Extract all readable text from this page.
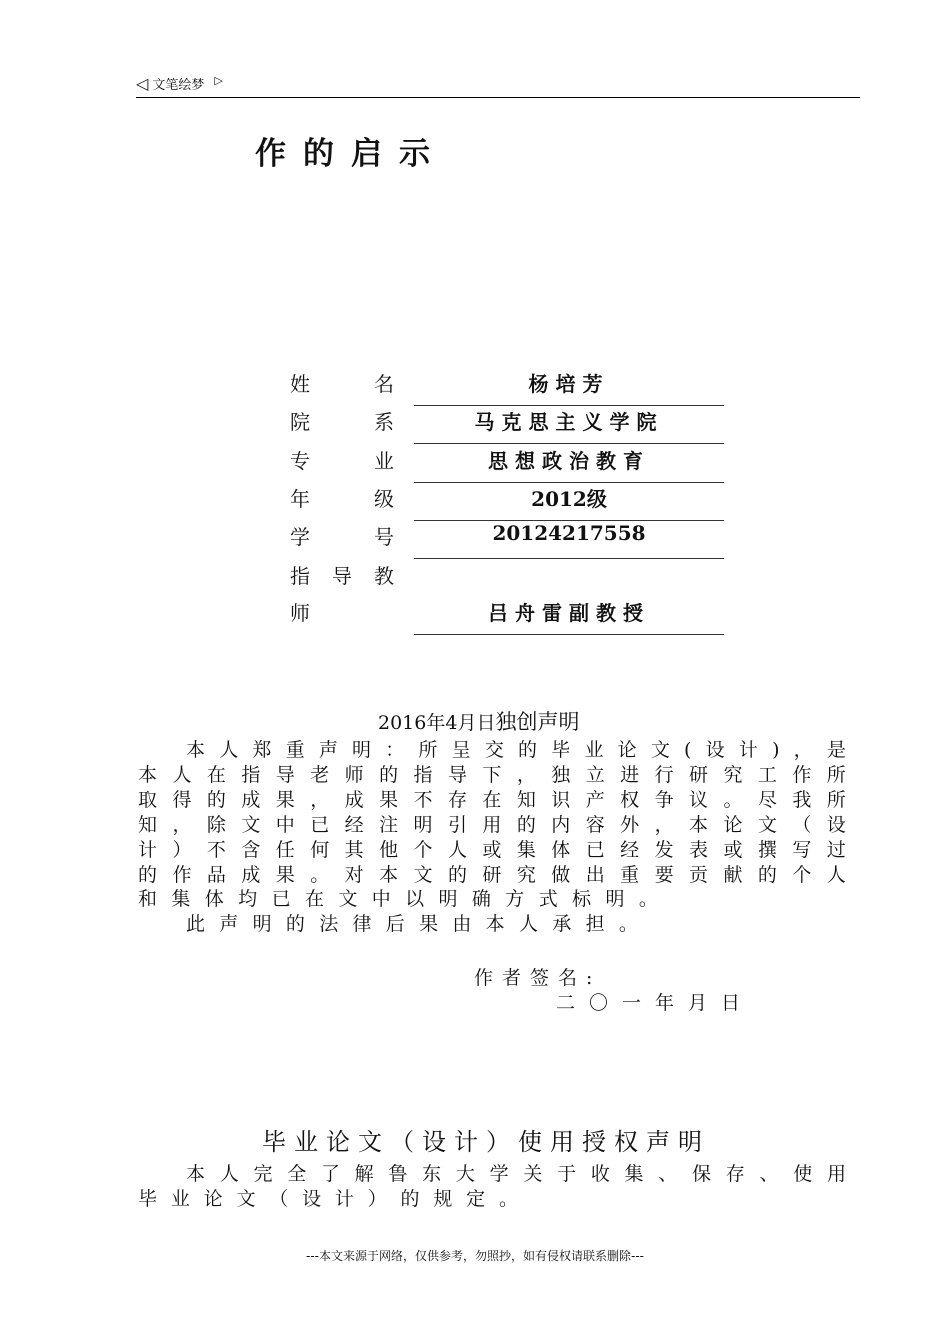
◁ 文笔绘梦 ▷
作的启示
姓	名	杨培芳
院	系	马克思主义学院
专	业	思想政治教育
年	级	2012级
学	号	20124217558
指 导 教
师	吕舟雷副教授
2016年4月日独创声明
本 人 郑 重 声 明 ： 所 呈 交 的 毕 业 论 文 ( 设 计 ) ， 是
本 人 在 指 导 老 师 的 指 导 下 ， 独 立 进 行 研 究 工 作 所
取 得 的 成 果 ， 成 果 不 存 在 知 识 产 权 争 议 。 尽 我 所
知 ， 除 文 中 已 经 注 明 引 用 的 内 容 外 ， 本 论 文 （ 设
计 ） 不 含 任 何 其 他 个 人 或 集 体 已 经 发 表 或 撰 写 过
的 作 品 成 果 。 对 本 文 的 研 究 做 出 重 要 贡 献 的 个 人
和 集 体 均 已 在 文 中 以 明 确 方 式 标 明 。
此 声 明 的 法 律 后 果 由 本 人 承 担 。
作者签名:
二〇一年月日
毕业论文（设计）使用授权声明
本 人 完 全 了 解 鲁 东 大 学 关 于 收 集 、 保 存 、 使 用
毕 业 论 文 （ 设 计 ） 的 规 定 。
---本文来源于网络，仅供参考，勿照抄，如有侵权请联系删除---
